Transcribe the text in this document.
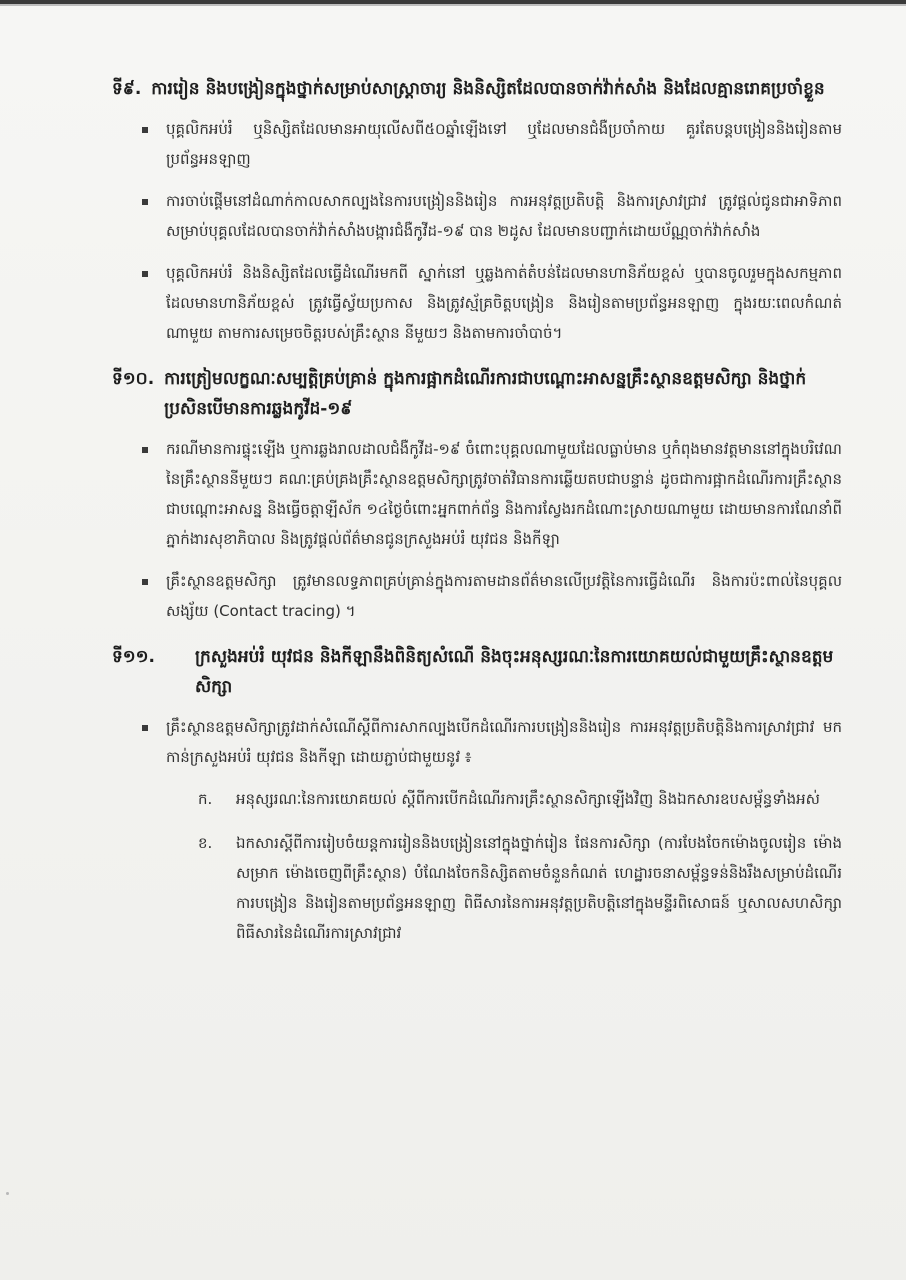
ទី៩. ការរៀន និងបង្រៀនក្នុងថ្នាក់សម្រាប់សាស្ត្រាចារ្យ និងនិស្សិតដែលបានចាក់វ៉ាក់សាំង និងដែលគ្មានរោគប្រចាំខ្លួន
បុគ្គលិកអប់រំ ឬនិស្សិតដែលមានអាយុលើសពី៥០ឆ្នាំឡើងទៅ ឬដែលមានជំងឺប្រចាំកាយ គួរតែបន្តបង្រៀននិងរៀនតាមប្រព័ន្ធអនឡាញ
ការចាប់ផ្តើមនៅដំណាក់កាលសាកល្បងនៃការបង្រៀននិងរៀន ការអនុវត្តប្រតិបត្តិ និងការស្រាវជ្រាវ ត្រូវផ្តល់ជូនជាអាទិភាពសម្រាប់បុគ្គលដែលបានចាក់វ៉ាក់សាំងបង្ការជំងឺកូវីដ-១៩ បាន ២ដូស ដែលមានបញ្ជាក់ដោយប័ណ្ណចាក់វ៉ាក់សាំង
បុគ្គលិកអប់រំ និងនិស្សិតដែលធ្វើដំណើរមកពី ស្នាក់នៅ ឬឆ្លងកាត់តំបន់ដែលមានហានិភ័យខ្ពស់ ឬបានចូលរួមក្នុងសកម្មភាពដែលមានហានិភ័យខ្ពស់ ត្រូវធ្វើស្វ័យប្រកាស និងត្រូវស្ម័គ្រចិត្តបង្រៀន និងរៀនតាមប្រព័ន្ធអនឡាញ ក្នុងរយៈពេលកំណត់ណាមួយ តាមការសម្រេចចិត្តរបស់គ្រឹះស្ថាន នីមួយៗ និងតាមការចាំបាច់។
ទី១០. ការត្រៀមលក្ខណៈសម្បត្តិគ្រប់គ្រាន់ ក្នុងការផ្អាកដំណើរការជាបណ្តោះអាសន្នគ្រឹះស្ថានឧត្តមសិក្សា និងថ្នាក់ ប្រសិនបើមានការឆ្លងកូវីដ-១៩
ករណីមានការផ្ទុះឡើង ឬការឆ្លងរាលដាលជំងឺកូវីដ-១៩ ចំពោះបុគ្គលណាមួយដែលធ្លាប់មាន ឬកំពុងមានវត្តមាននៅក្នុងបរិវេណនៃគ្រឹះស្ថាននីមួយៗ គណៈគ្រប់គ្រងគ្រឹះស្ថានឧត្តមសិក្សាត្រូវចាត់វិធានការឆ្លើយតបជាបន្ទាន់ ដូចជាការផ្អាកដំណើរការគ្រឹះស្ថានជាបណ្តោះអាសន្ន និងធ្វើចត្តាឡីស័ក ១៤ថ្ងៃចំពោះអ្នកពាក់ព័ន្ធ និងការស្វែងរកដំណោះស្រាយណាមួយ ដោយមានការណែនាំពីភ្នាក់ងារសុខាភិបាល និងត្រូវផ្តល់ព័ត៌មានជូនក្រសួងអប់រំ យុវជន និងកីឡា
គ្រឹះស្ថានឧត្តមសិក្សា ត្រូវមានលទ្ធភាពគ្រប់គ្រាន់ក្នុងការតាមដានព័ត៌មានលើប្រវត្តិនៃការធ្វើដំណើរ និងការប៉ះពាល់នៃបុគ្គលសង្ស័យ (Contact tracing) ។
ទី១១. ក្រសួងអប់រំ យុវជន និងកីឡានឹងពិនិត្យសំណើ និងចុះអនុស្សរណៈនៃការយោគយល់ជាមួយគ្រឹះស្ថានឧត្តមសិក្សា
គ្រឹះស្ថានឧត្តមសិក្សាត្រូវដាក់សំណើស្តីពីការសាកល្បងបើកដំណើរការបង្រៀននិងរៀន ការអនុវត្តប្រតិបត្តិនិងការស្រាវជ្រាវ មកកាន់ក្រសួងអប់រំ យុវជន និងកីឡា ដោយភ្ជាប់ជាមួយនូវ ៖
ក.	អនុស្សរណៈនៃការយោគយល់ ស្តីពីការបើកដំណើរការគ្រឹះស្ថានសិក្សាឡើងវិញ និងឯកសារឧបសម្ព័ន្ធទាំងអស់
ខ.	ឯកសារស្តីពីការរៀបចំយន្តការរៀននិងបង្រៀននៅក្នុងថ្នាក់រៀន ផែនការសិក្សា (ការបែងចែកម៉ោងចូលរៀន ម៉ោងសម្រាក ម៉ោងចេញពីគ្រឹះស្ថាន) បំណែងចែកនិស្សិតតាមចំនួនកំណត់ ហេដ្ឋារចនាសម្ព័ន្ធទន់និងរឹងសម្រាប់ដំណើរការបង្រៀន និងរៀនតាមប្រព័ន្ធអនឡាញ ពិធីសារនៃការអនុវត្តប្រតិបត្តិនៅក្នុងមន្ទីរពិសោធន៍ ឬសាលសហសិក្សា ពិធីសារនៃដំណើរការស្រាវជ្រាវ
